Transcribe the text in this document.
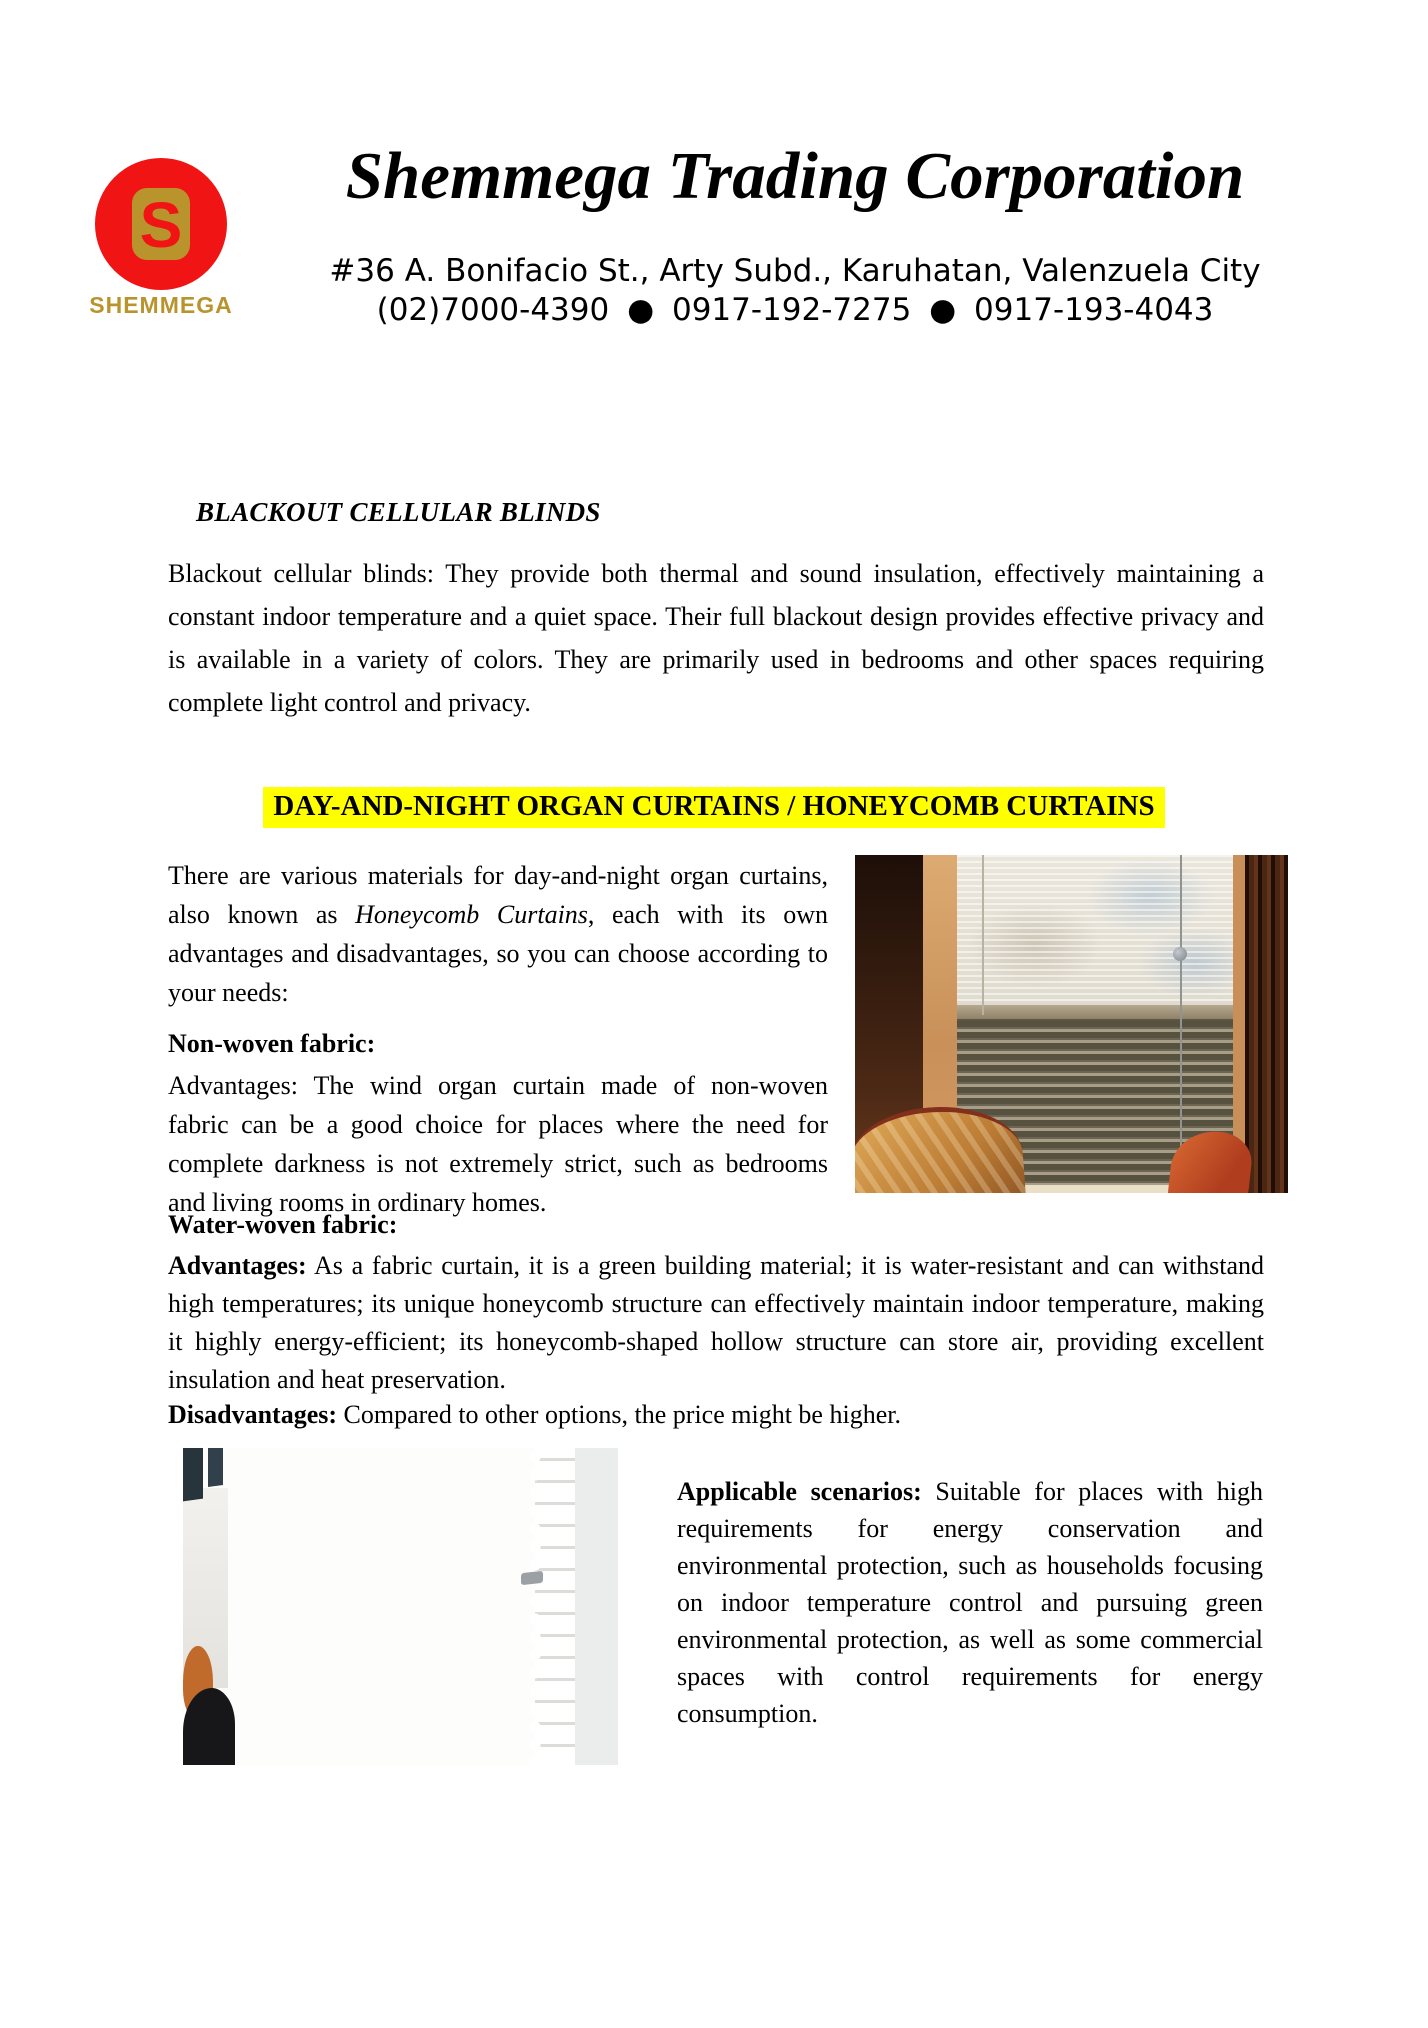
S
SHEMMEGA
Shemmega Trading Corporation
#36 A. Bonifacio St., Arty Subd., Karuhatan, Valenzuela City
(02)7000-4390 ● 0917-192-7275 ● 0917-193-4043
BLACKOUT CELLULAR BLINDS

Blackout cellular blinds: They provide both thermal and sound insulation, effectively maintaining a constant indoor temperature and a quiet space. Their full blackout design provides effective privacy and is available in a variety of colors. They are primarily used in bedrooms and other spaces requiring complete light control and privacy.

DAY-AND-NIGHT ORGAN CURTAINS / HONEYCOMB CURTAINS

There are various materials for day-and-night organ curtains, also known as Honeycomb Curtains, each with its own advantages and disadvantages, so you can choose according to your needs:

Non-woven fabric:

Advantages: The wind organ curtain made of non-woven fabric can be a good choice for places where the need for complete darkness is not extremely strict, such as bedrooms and living rooms in ordinary homes.

Water-woven fabric:

Advantages: As a fabric curtain, it is a green building material; it is water-resistant and can withstand high temperatures; its unique honeycomb structure can effectively maintain indoor temperature, making it highly energy-efficient; its honeycomb-shaped hollow structure can store air, providing excellent insulation and heat preservation.

Disadvantages: Compared to other options, the price might be higher.

Applicable scenarios: Suitable for places with high requirements for energy conservation and environmental protection, such as households focusing on indoor temperature control and pursuing green environmental protection, as well as some commercial spaces with control requirements for energy consumption.
